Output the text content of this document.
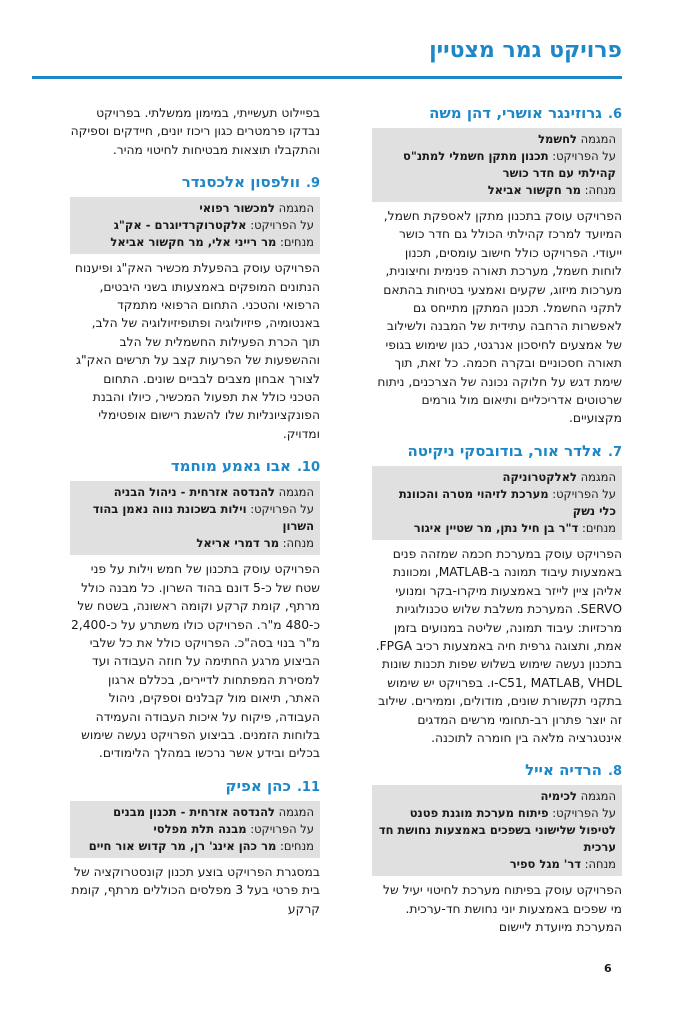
פרויקט גמר מצטיין
6.
גרוזינגר אושרי, דהן משה
המגמה לחשמל
על הפרויקט: תכנון מתקן חשמלי למתנ"ס קהילתי עם חדר כושר
מנחה: מר חקשור אביאל
הפרויקט עוסק בתכנון מתקן לאספקת חשמל, המיועד למרכז קהילתי הכולל גם חדר כושר ייעודי. הפרויקט כולל חישוב עומסים, תכנון לוחות חשמל, מערכת תאורה פנימית וחיצונית, מערכות מיזוג, שקעים ואמצעי בטיחות בהתאם לתקני החשמל. תכנון המתקן מתייחס גם לאפשרות הרחבה עתידית של המבנה ולשילוב של אמצעים לחיסכון אנרגטי, כגון שימוש בגופי תאורה חסכוניים ובקרה חכמה. כל זאת, תוך שימת דגש על חלוקה נכונה של הצרכנים, ניתוח שרטוטים אדריכליים ותיאום מול גורמים מקצועיים.
7.
אלדר אור, בודובסקי ניקיטה
המגמה לאלקטרוניקה
על הפרויקט: מערכת לזיהוי מטרה והכוונת כלי נשק
מנחים: ד"ר בן חיל נתן, מר שטיין איגור
הפרויקט עוסק במערכת חכמה שמזהה פנים באמצעות עיבוד תמונה ב-MATLAB, ומכוונת אליהן ציין לייזר באמצעות מיקרו-בקר ומנועי SERVO. המערכת משלבת שלוש טכנולוגיות מרכזיות: עיבוד תמונה, שליטה במנועים בזמן אמת, ותצוגה גרפית חיה באמצעות רכיב FPGA. בתכנון נעשה שימוש בשלוש שפות תכנות שונות C51, MATLAB, VHDL-ו. בפרויקט יש שימוש בתקני תקשורת שונים, מודולים, וממירים. שילוב זה יוצר פתרון רב-תחומי מרשים המדגים אינטגרציה מלאה בין חומרה לתוכנה.
8.
הרדיה אייל
המגמה לכימיה
על הפרויקט: פיתוח מערכת מוגנת פטנט לטיפול שלישוני בשפכים באמצעות נחושת חד ערכית
מנחה: דר' מגל ספיר
הפרויקט עוסק בפיתוח מערכת לחיטוי יעיל של מי שפכים באמצעות יוני נחושת חד-ערכית. המערכת מיועדת ליישום
בפיילוט תעשייתי, במימון ממשלתי. בפרויקט נבדקו פרמטרים כגון ריכוז יונים, חיידקים וספיקה והתקבלו תוצאות מבטיחות לחיטוי מהיר.
9.
וולפסון אלכסנדר
המגמה למכשור רפואי
על הפרויקט: אלקטרוקרדיוגרם - אק"ג
מנחים: מר רייני אלי, מר חקשור אביאל
הפרויקט עוסק בהפעלת מכשיר האק"ג ופיענוח הנתונים המופקים באמצעותו בשני היבטים, הרפואי והטכני. התחום הרפואי מתמקד באנטומיה, פיזיולוגיה ופתופיזיולוגיה של הלב, תוך הכרת הפעילות החשמלית של הלב וההשפעות של הפרעות קצב על תרשים האק"ג לצורך אבחון מצבים לבביים שונים. התחום הטכני כולל את תפעול המכשיר, כיולו והבנת הפונקציונליות שלו להשגת רישום אופטימלי ומדויק.
10.
אבו גאמע מוחמד
המגמה להנדסה אזרחית - ניהול הבניה
על הפרויקט: וילות בשכונת נווה נאמן בהוד השרון
מנחה: מר דמרי אריאל
הפרויקט עוסק בתכנון של חמש וילות על פני שטח של כ-5 דונם בהוד השרון. כל מבנה כולל מרתף, קומת קרקע וקומה ראשונה, בשטח של כ-480 מ"ר. הפרויקט כולו משתרע על כ-2,400 מ"ר בנוי בסה"כ. הפרויקט כולל את כל שלבי הביצוע מרגע החתימה על חוזה העבודה ועד למסירת המפתחות לדיירים, בכללם ארגון האתר, תיאום מול קבלנים וספקים, ניהול העבודה, פיקוח על איכות העבודה והעמידה בלוחות הזמנים. בביצוע הפרויקט נעשה שימוש בכלים ובידע אשר נרכשו במהלך הלימודים.
11.
כהן אפיק
המגמה להנדסה אזרחית - תכנון מבנים
על הפרויקט: מבנה תלת מפלסי
מנחים: מר כהן אינג' רן, מר קדוש אור חיים
במסגרת הפרויקט בוצע תכנון קונסטרוקציה של בית פרטי בעל 3 מפלסים הכוללים מרתף, קומת קרקע
6
